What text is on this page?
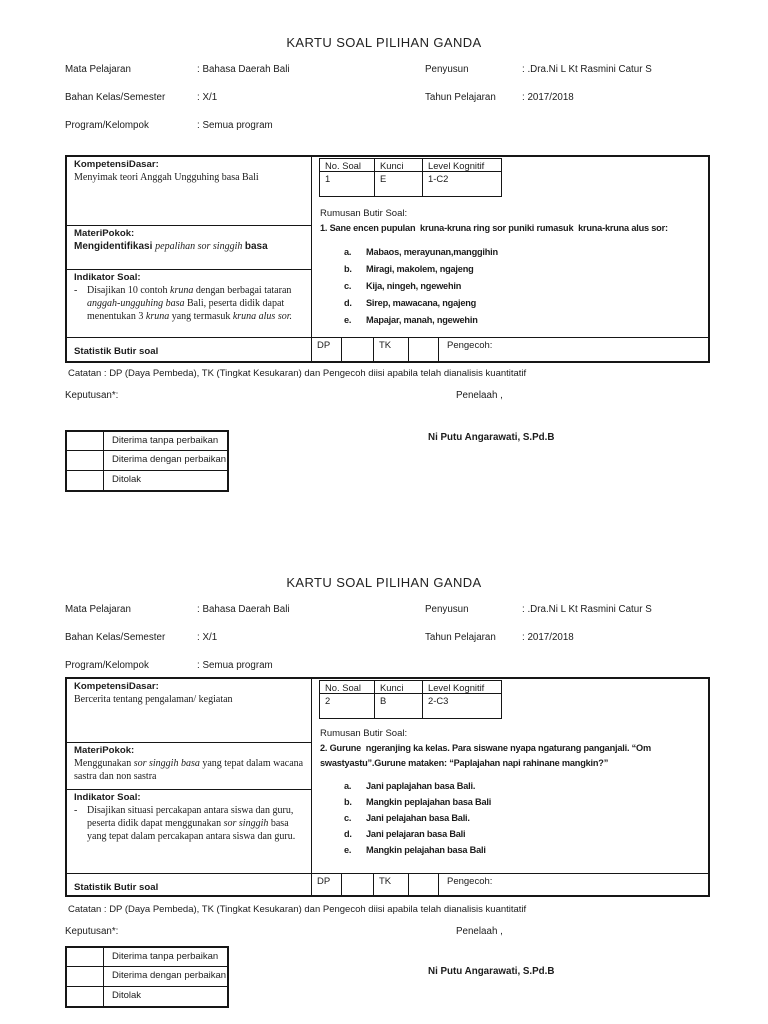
KARTU SOAL PILIHAN GANDA
Mata Pelajaran	: Bahasa Daerah Bali	Penyusun	: .Dra.Ni L Kt Rasmini Catur S
Bahan Kelas/Semester	: X/1	Tahun Pelajaran	: 2017/2018
Program/Kelompok	: Semua program
KompetensiDasar:
Menyimak teori Anggah Ungguhing basa Bali
MateriPokok:
Mengidentifikasi pepalihan sor singgih basa
Indikator Soal:
- Disajikan 10 contoh kruna dengan berbagai tataran anggah-ungguhing basa Bali, peserta didik dapat menentukan 3 kruna yang termasuk kruna alus sor.
Statistik Butir soal
No. Soal	Kunci	Level Kognitif
1	E	1-C2
Rumusan Butir Soal:
1. Sane encen pupulan  kruna-kruna ring sor puniki rumasuk  kruna-kruna alus sor:
a.	Mabaos, merayunan,manggihin
b.	Miragi, makolem, ngajeng
c.	Kija, ningeh, ngewehin
d.	Sirep, mawacana, ngajeng
e.	Mapajar, manah, ngewehin
DP	TK	Pengecoh:
Catatan : DP (Daya Pembeda), TK (Tingkat Kesukaran) dan Pengecoh diisi apabila telah dianalisis kuantitatif
Keputusan*:	Penelaah ,
Diterima tanpa perbaikan
Diterima dengan perbaikan
Ditolak
Ni Putu Angarawati, S.Pd.B
KARTU SOAL PILIHAN GANDA
Mata Pelajaran	: Bahasa Daerah Bali	Penyusun	: .Dra.Ni L Kt Rasmini Catur S
Bahan Kelas/Semester	: X/1	Tahun Pelajaran	: 2017/2018
Program/Kelompok	: Semua program
KompetensiDasar:
Bercerita tentang pengalaman/ kegiatan
MateriPokok:
Menggunakan sor singgih basa yang tepat dalam wacana sastra dan non sastra
Indikator Soal:
- Disajikan situasi percakapan antara siswa dan guru, peserta didik dapat menggunakan sor singgih basa yang tepat dalam percakapan antara siswa dan guru.
Statistik Butir soal
No. Soal	Kunci	Level Kognitif
2	B	2-C3
Rumusan Butir Soal:
2. Gurune  ngeranjing ka kelas. Para siswane nyapa ngaturang panganjali. “Om swastyastu”.Gurune mataken: “Paplajahan napi rahinane mangkin?”
a.	Jani paplajahan basa Bali.
b.	Mangkin peplajahan basa Bali
c.	Jani pelajahan basa Bali.
d.	Jani pelajaran basa Bali
e.	Mangkin pelajahan basa Bali
DP	TK	Pengecoh:
Catatan : DP (Daya Pembeda), TK (Tingkat Kesukaran) dan Pengecoh diisi apabila telah dianalisis kuantitatif
Keputusan*:	Penelaah ,
Diterima tanpa perbaikan
Diterima dengan perbaikan
Ditolak
Ni Putu Angarawati, S.Pd.B
